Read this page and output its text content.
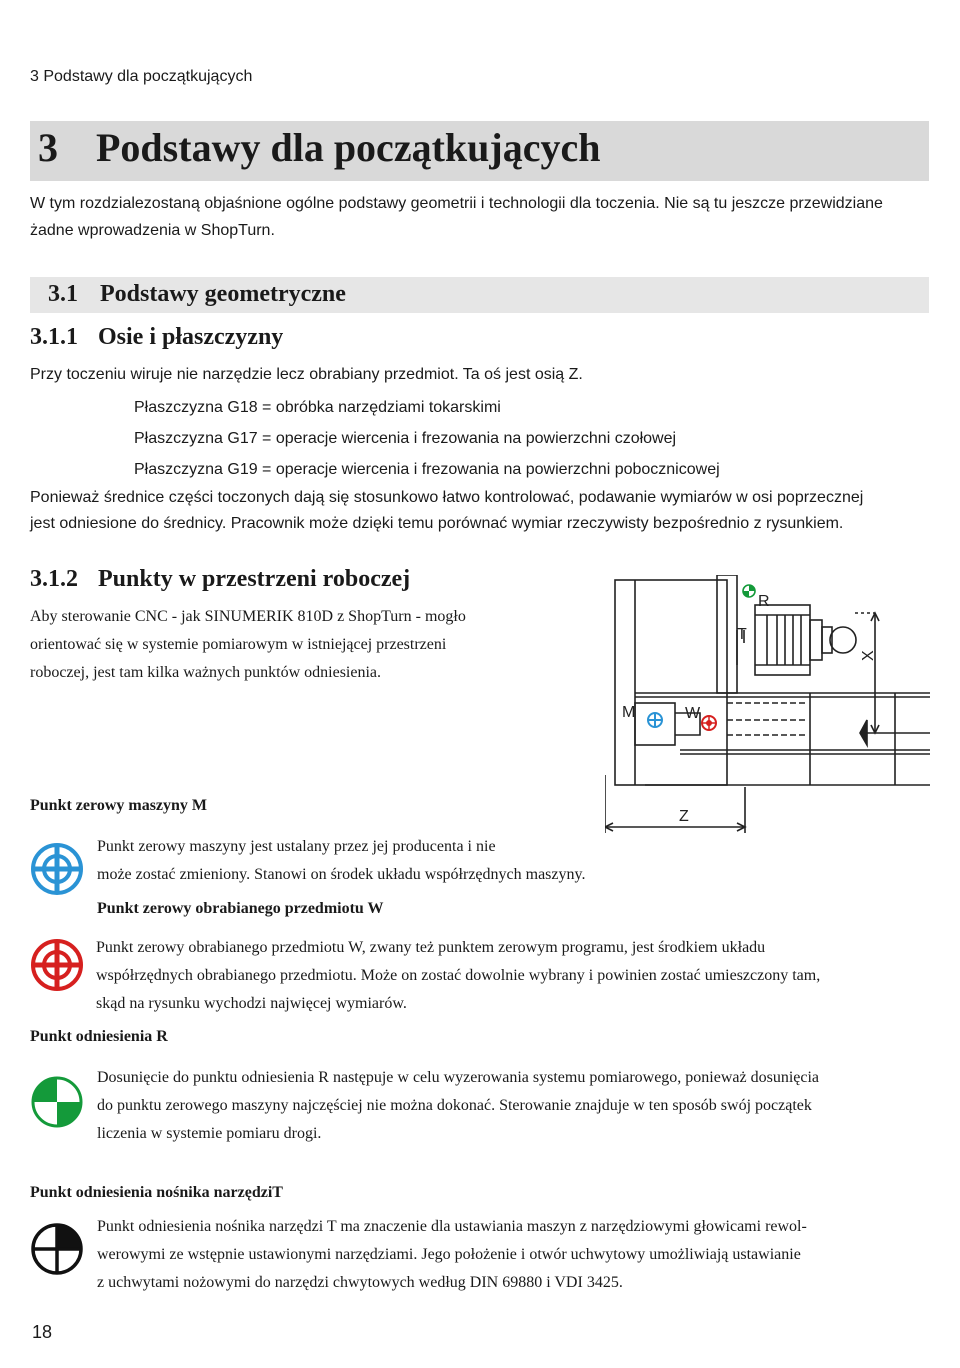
3 Podstawy dla początkujących
3 Podstawy dla początkujących
W tym rozdzialezostaną objaśnione ogólne podstawy geometrii i technologii dla toczenia. Nie są tu jeszcze przewidziane
żadne wprowadzenia w ShopTurn.
3.1 Podstawy geometryczne
3.1.1 Osie i płaszczyzny
Przy toczeniu wiruje nie narzędzie lecz obrabiany przedmiot. Ta oś jest osią Z.
Płaszczyzna G18 = obróbka narzędziami tokarskimi
Płaszczyzna G17 = operacje wiercenia i frezowania na powierzchni czołowej
Płaszczyzna G19 = operacje wiercenia i frezowania na powierzchni pobocznicowej
Ponieważ średnice części toczonych dają się stosunkowo łatwo kontrolować, podawanie wymiarów w osi poprzecznej
jest odniesione do średnicy. Pracownik może dzięki temu porównać wymiar rzeczywisty bezpośrednio z rysunkiem.
3.1.2 Punkty w przestrzeni roboczej
Aby sterowanie CNC - jak SINUMERIK 810D z ShopTurn - mogło
orientować się w systemie pomiarowym w istniejącej przestrzeni
roboczej, jest tam kilka ważnych punktów odniesienia.
R
T
M	W
X
Z
Punkt zerowy maszyny M
Punkt zerowy maszyny jest ustalany przez jej producenta i nie
może zostać zmieniony. Stanowi on środek układu współrzędnych maszyny.
Punkt zerowy obrabianego przedmiotu W
Punkt zerowy obrabianego przedmiotu W, zwany też punktem zerowym programu, jest środkiem układu
współrzędnych obrabianego przedmiotu. Może on zostać dowolnie wybrany i powinien zostać umieszczony tam,
skąd na rysunku wychodzi najwięcej wymiarów.
Punkt odniesienia R
Dosunięcie do punktu odniesienia R następuje w celu wyzerowania systemu pomiarowego, ponieważ dosunięcia
do punktu zerowego maszyny najczęściej nie można dokonać. Sterowanie znajduje w ten sposób swój początek
liczenia w systemie pomiaru drogi.
Punkt odniesienia nośnika narzędziT
Punkt odniesienia nośnika narzędzi T ma znaczenie dla ustawiania maszyn z narzędziowymi głowicami rewol-
werowymi ze wstępnie ustawionymi narzędziami. Jego położenie i otwór uchwytowy umożliwiają ustawianie
z uchwytami nożowymi do narzędzi chwytowych według DIN 69880 i VDI 3425.
18
